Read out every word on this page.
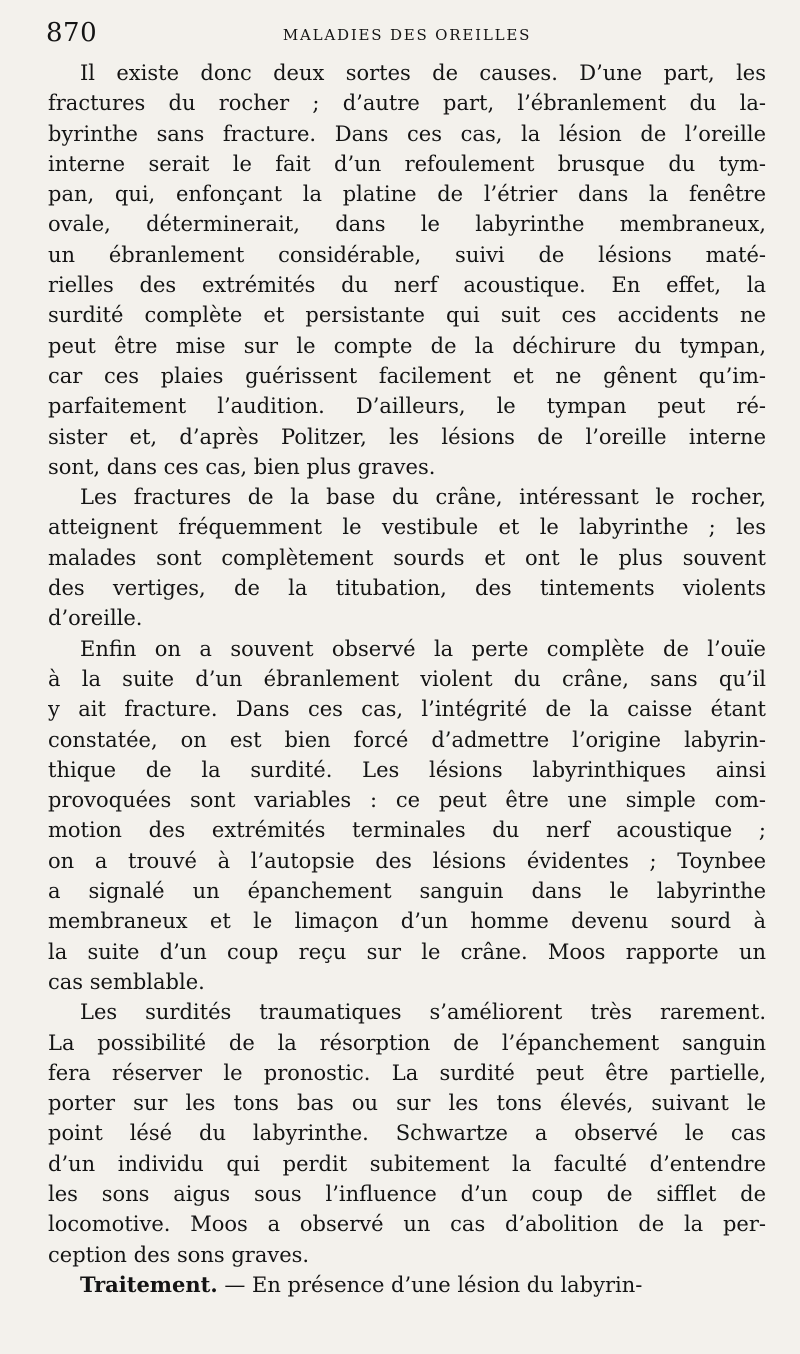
870	MALADIES DES OREILLES
Il existe donc deux sortes de causes. D’une part, les
fractures du rocher ; d’autre part, l’ébranlement du la-
byrinthe sans fracture. Dans ces cas, la lésion de l’oreille
interne serait le fait d’un refoulement brusque du tym-
pan, qui, enfonçant la platine de l’étrier dans la fenêtre
ovale, déterminerait, dans le labyrinthe membraneux,
un ébranlement considérable, suivi de lésions maté-
rielles des extrémités du nerf acoustique. En effet, la
surdité complète et persistante qui suit ces accidents ne
peut être mise sur le compte de la déchirure du tympan,
car ces plaies guérissent facilement et ne gênent qu’im-
parfaitement l’audition. D’ailleurs, le tympan peut ré-
sister et, d’après Politzer, les lésions de l’oreille interne
sont, dans ces cas, bien plus graves.
Les fractures de la base du crâne, intéressant le rocher,
atteignent fréquemment le vestibule et le labyrinthe ; les
malades sont complètement sourds et ont le plus souvent
des vertiges, de la titubation, des tintements violents
d’oreille.
Enfin on a souvent observé la perte complète de l’ouïe
à la suite d’un ébranlement violent du crâne, sans qu’il
y ait fracture. Dans ces cas, l’intégrité de la caisse étant
constatée, on est bien forcé d’admettre l’origine labyrin-
thique de la surdité. Les lésions labyrinthiques ainsi
provoquées sont variables : ce peut être une simple com-
motion des extrémités terminales du nerf acoustique ;
on a trouvé à l’autopsie des lésions évidentes ; Toynbee
a signalé un épanchement sanguin dans le labyrinthe
membraneux et le limaçon d’un homme devenu sourd à
la suite d’un coup reçu sur le crâne. Moos rapporte un
cas semblable.
Les surdités traumatiques s’améliorent très rarement.
La possibilité de la résorption de l’épanchement sanguin
fera réserver le pronostic. La surdité peut être partielle,
porter sur les tons bas ou sur les tons élevés, suivant le
point lésé du labyrinthe. Schwartze a observé le cas
d’un individu qui perdit subitement la faculté d’entendre
les sons aigus sous l’influence d’un coup de sifflet de
locomotive. Moos a observé un cas d’abolition de la per-
ception des sons graves.
Traitement. — En présence d’une lésion du labyrin-
